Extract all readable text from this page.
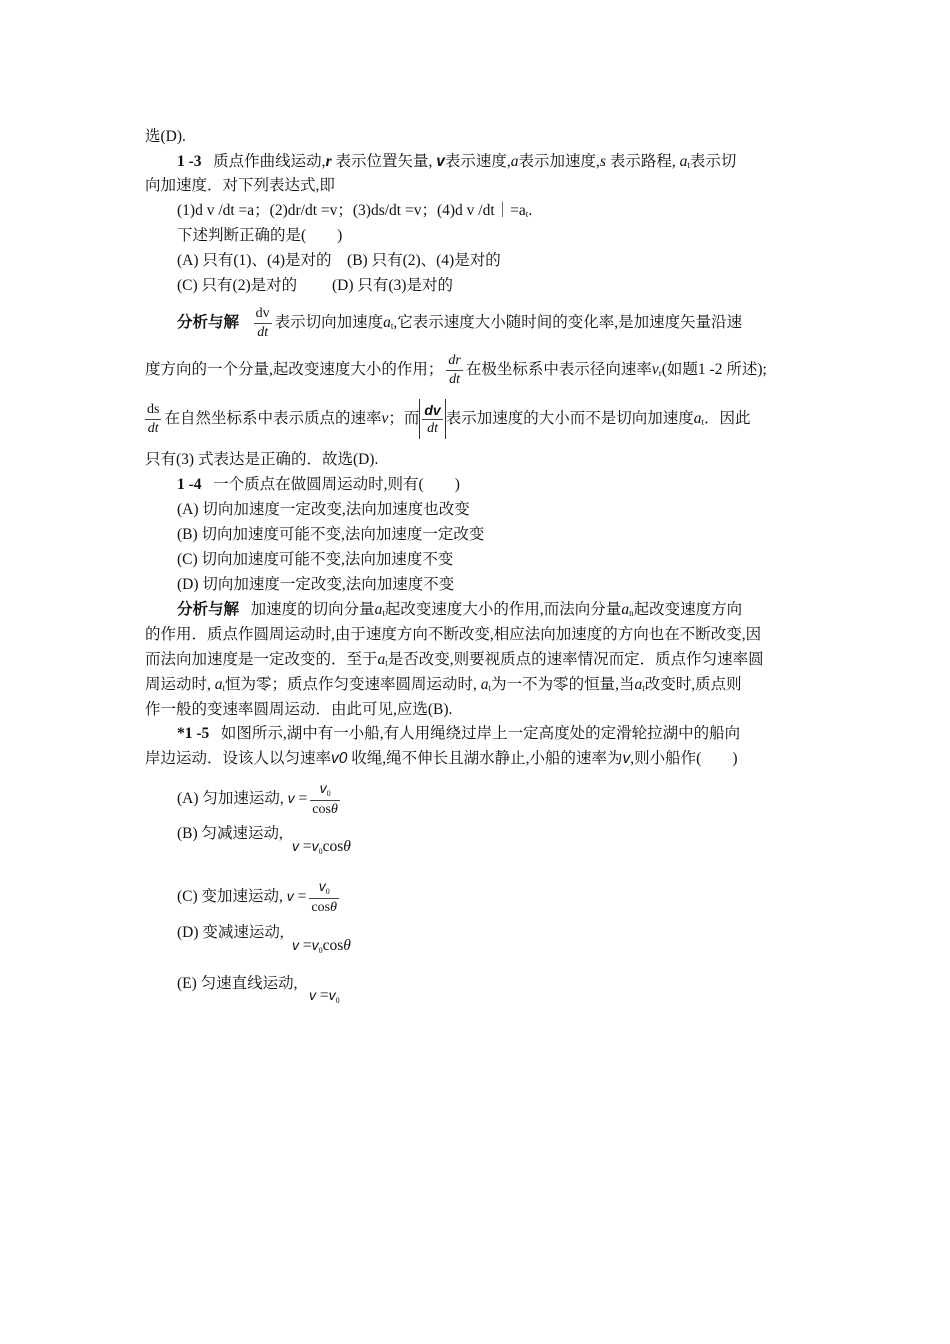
选(D).
1 -3 质点作曲线运动,r 表示位置矢量, v表示速度,a表示加速度,s 表示路程, at表示切
向加速度．对下列表达式,即
(1)d v /dt =a；(2)dr/dt =v；(3)ds/dt =v；(4)d v /dt｜=at.
下述判断正确的是(　　)
(A) 只有(1)、(4)是对的　(B) 只有(2)、(4)是对的
(C) 只有(2)是对的　　 (D) 只有(3)是对的
分析与解 $\frac{dv}{dt}$ 表示切向加速度at,它表示速度大小随时间的变化率,是加速度矢量沿速
度方向的一个分量,起改变速度大小的作用； $\frac{dr}{dt}$ 在极坐标系中表示径向速率vr(如题1 -2 所述);
$\frac{ds}{dt}$ 在自然坐标系中表示质点的速率v；而 $\frac{dv}{dt}$ 表示加速度的大小而不是切向加速度at．因此
只有(3) 式表达是正确的．故选(D).
1 -4 一个质点在做圆周运动时,则有(　　)
(A) 切向加速度一定改变,法向加速度也改变
(B) 切向加速度可能不变,法向加速度一定改变
(C) 切向加速度可能不变,法向加速度不变
(D) 切向加速度一定改变,法向加速度不变
分析与解 加速度的切向分量at起改变速度大小的作用,而法向分量an起改变速度方向
的作用．质点作圆周运动时,由于速度方向不断改变,相应法向加速度的方向也在不断改变,因
而法向加速度是一定改变的．至于at是否改变,则要视质点的速率情况而定．质点作匀速率圆
周运动时, at恒为零；质点作匀变速率圆周运动时, at为一不为零的恒量,当at改变时,质点则
作一般的变速率圆周运动．由此可见,应选(B).
*1 -5 如图所示,湖中有一小船,有人用绳绕过岸上一定高度处的定滑轮拉湖中的船向
岸边运动．设该人以匀速率v0 收绳,绳不伸长且湖水静止,小船的速率为v,则小船作(　　)
(A) 匀加速运动, $v = \frac{v_0}{\cos\theta}$
(B) 匀减速运动,
$v =v_0\cos\theta$
(C) 变加速运动, $v = \frac{v_0}{\cos\theta}$
(D) 变减速运动,
$v =v_0\cos\theta$
(E) 匀速直线运动,
$v =v_0$
